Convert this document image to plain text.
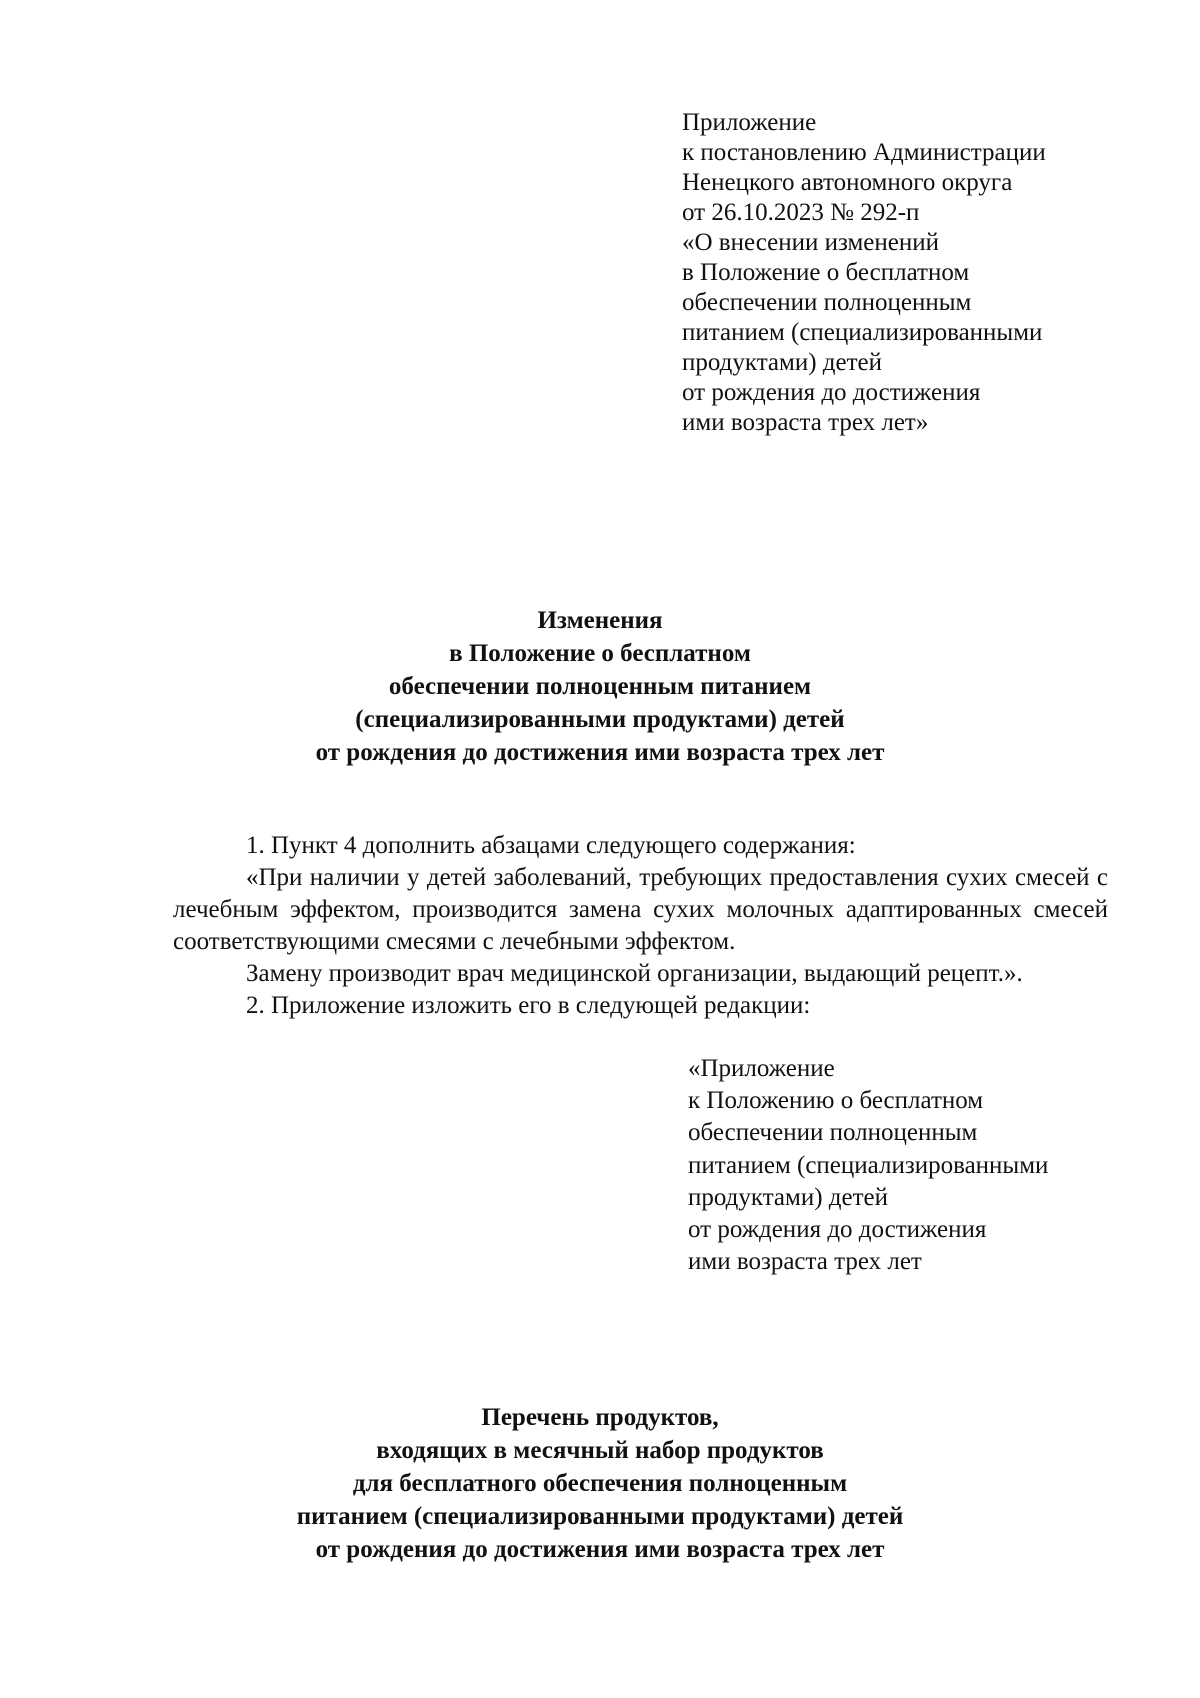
Приложение
к постановлению Администрации
Ненецкого автономного округа
от 26.10.2023 № 292-п
«О внесении изменений
в Положение о бесплатном
обеспечении полноценным
питанием (специализированными
продуктами) детей
от рождения до достижения
ими возраста трех лет»
Изменения
в Положение о бесплатном
обеспечении полноценным питанием
(специализированными продуктами) детей
от рождения до достижения ими возраста трех лет

1. Пункт 4 дополнить абзацами следующего содержания:

«При наличии у детей заболеваний, требующих предоставления сухих смесей с лечебным эффектом, производится замена сухих молочных адаптированных смесей соответствующими смесями с лечебными эффектом.

Замену производит врач медицинской организации, выдающий рецепт.».

2. Приложение изложить его в следующей редакции:

«Приложение
к Положению о бесплатном
обеспечении полноценным
питанием (специализированными
продуктами) детей
от рождения до достижения
ими возраста трех лет
Перечень продуктов,
входящих в месячный набор продуктов
для бесплатного обеспечения полноценным
питанием (специализированными продуктами) детей
от рождения до достижения ими возраста трех лет
